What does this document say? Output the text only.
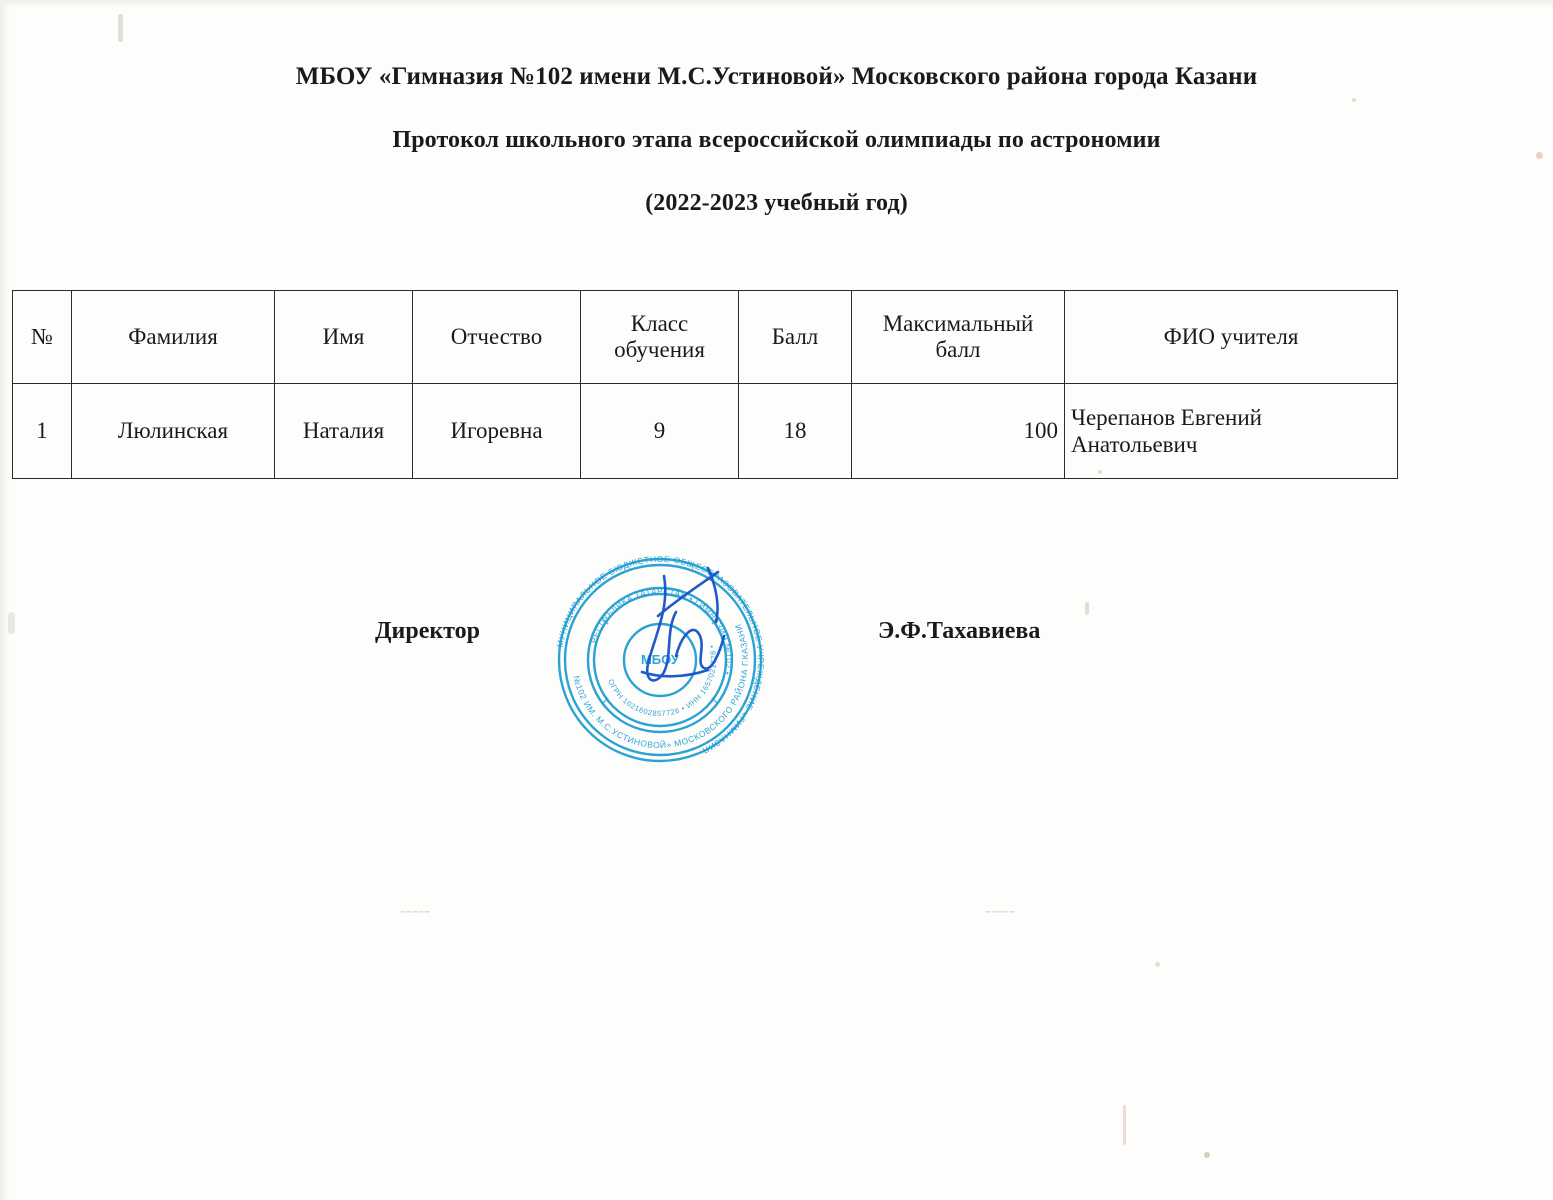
-----	-----
МБОУ «Гимназия №102 имени М.С.Устиновой» Московского района города Казани
Протокол школьного этапа всероссийской олимпиады по астрономии
(2022-2023 учебный год)
№	Фамилия	Имя	Отчество	Класс обучения	Балл	Максимальный балл	ФИО учителя
1	Люлинская	Наталия	Игоревна	9	18	100	Черепанов Евгений Анатольевич
Директор	Э.Ф.Тахавиева
МУНИЦИПАЛЬНОЕ БЮДЖЕТНОЕ ОБЩЕОБРАЗОВАТЕЛЬНОЕ УЧРЕЖДЕНИЕ «ГИМНАЗИЯ
№102 ИМ. М.С.УСТИНОВОЙ» МОСКОВСКОГО РАЙОНА Г.КАЗАНИ
РЕСПУБЛИКА ТАТАРСТАН • ГИМНАЗИЯ №102 •
ОГРН 1021602857726 • ИНН 1657021728 •
МБОУ
